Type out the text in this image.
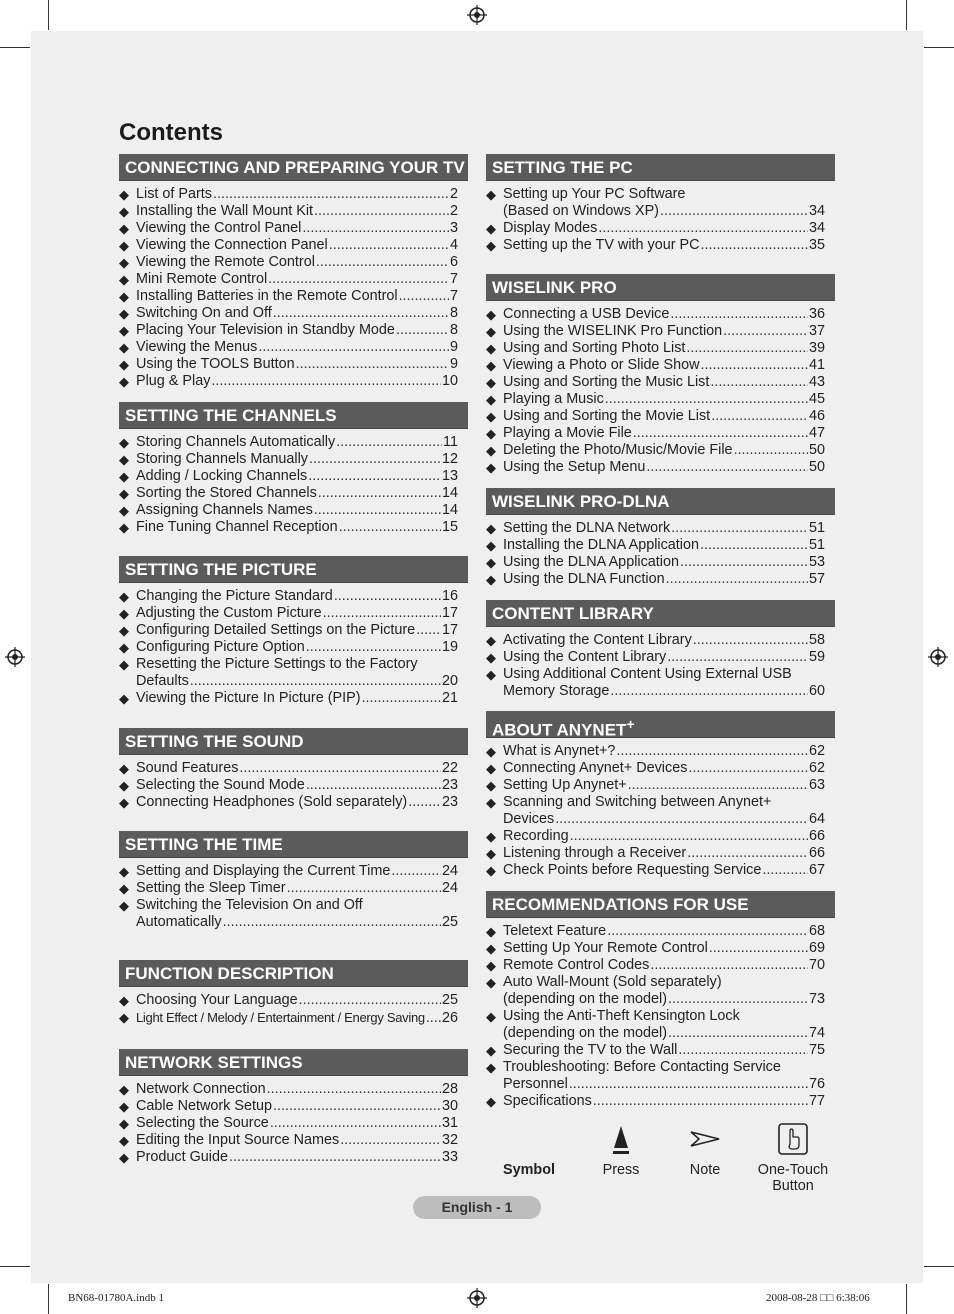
Contents
CONNECTING AND PREPARING YOUR TV
◆ List of Parts .....	2
◆ Installing the Wall Mount Kit .....	2
◆ Viewing the Control Panel .....	3
◆ Viewing the Connection Panel .....	4
◆ Viewing the Remote Control .....	6
◆ Mini Remote Control .....	7
◆ Installing Batteries in the Remote Control .....	7
◆ Switching On and Off .....	8
◆ Placing Your Television in Standby Mode .....	8
◆ Viewing the Menus .....	9
◆ Using the TOOLS Button .....	9
◆ Plug & Play .....	10
SETTING THE CHANNELS
◆ Storing Channels Automatically .....	11
◆ Storing Channels Manually .....	12
◆ Adding / Locking Channels .....	13
◆ Sorting the Stored Channels .....	14
◆ Assigning Channels Names .....	14
◆ Fine Tuning Channel Reception .....	15
SETTING THE PICTURE
◆ Changing the Picture Standard .....	16
◆ Adjusting the Custom Picture .....	17
◆ Configuring Detailed Settings on the Picture ..... 17
◆ Configuring Picture Option .....	19
◆ Resetting the Picture Settings to the Factory
Defaults .....	20
◆ Viewing the Picture In Picture (PIP) .....	21
SETTING THE SOUND
◆ Sound Features .....	22
◆ Selecting the Sound Mode .....	23
◆ Connecting Headphones (Sold separately) ..... 23
SETTING THE TIME
◆ Setting and Displaying the Current Time .....	24
◆ Setting the Sleep Timer .....	24
◆ Switching the Television On and Off
Automatically .....	25
FUNCTION DESCRIPTION
◆ Choosing Your Language .....	25
◆ Light Effect / Melody / Entertainment / Energy Saving ..... 26
NETWORK SETTINGS
◆ Network Connection .....	28
◆ Cable Network Setup .....	30
◆ Selecting the Source .....	31
◆ Editing the Input Source Names .....	32
◆ Product Guide .....	33
SETTING THE PC
◆ Setting up Your PC Software
(Based on Windows XP) .....	34
◆ Display Modes .....	34
◆ Setting up the TV with your PC .....	35
WISELINK PRO
◆ Connecting a USB Device .....	36
◆ Using the WISELINK Pro Function .....	37
◆ Using and Sorting Photo List .....	39
◆ Viewing a Photo or Slide Show .....	41
◆ Using and Sorting the Music List .....	43
◆ Playing a Music .....	45
◆ Using and Sorting the Movie List .....	46
◆ Playing a Movie File .....	47
◆ Deleting the Photo/Music/Movie File .....	50
◆ Using the Setup Menu .....	50
WISELINK PRO-DLNA
◆ Setting the DLNA Network .....	51
◆ Installing the DLNA Application .....	51
◆ Using the DLNA Application .....	53
◆ Using the DLNA Function .....	57
CONTENT LIBRARY
◆ Activating the Content Library .....	58
◆ Using the Content Library .....	59
◆ Using Additional Content Using External USB
Memory Storage .....	60
ABOUT ANYNET+
◆ What is Anynet+? .....	62
◆ Connecting Anynet+ Devices .....	62
◆ Setting Up Anynet+ .....	63
◆ Scanning and Switching between Anynet+
Devices .....	64
◆ Recording .....	66
◆ Listening through a Receiver .....	66
◆ Check Points before Requesting Service .....	67
RECOMMENDATIONS FOR USE
◆ Teletext Feature .....	68
◆ Setting Up Your Remote Control .....	69
◆ Remote Control Codes .....	70
◆ Auto Wall-Mount (Sold separately)
(depending on the model) .....	73
◆ Using the Anti-Theft Kensington Lock
(depending on the model) .....	74
◆ Securing the TV to the Wall .....	75
◆ Troubleshooting: Before Contacting Service
Personnel .....	76
◆ Specifications .....	77
Symbol	Press	Note	One-Touch
Button
English - 1
BN68-01780A.indb 1	2008-08-28 □□ 6:38:06
